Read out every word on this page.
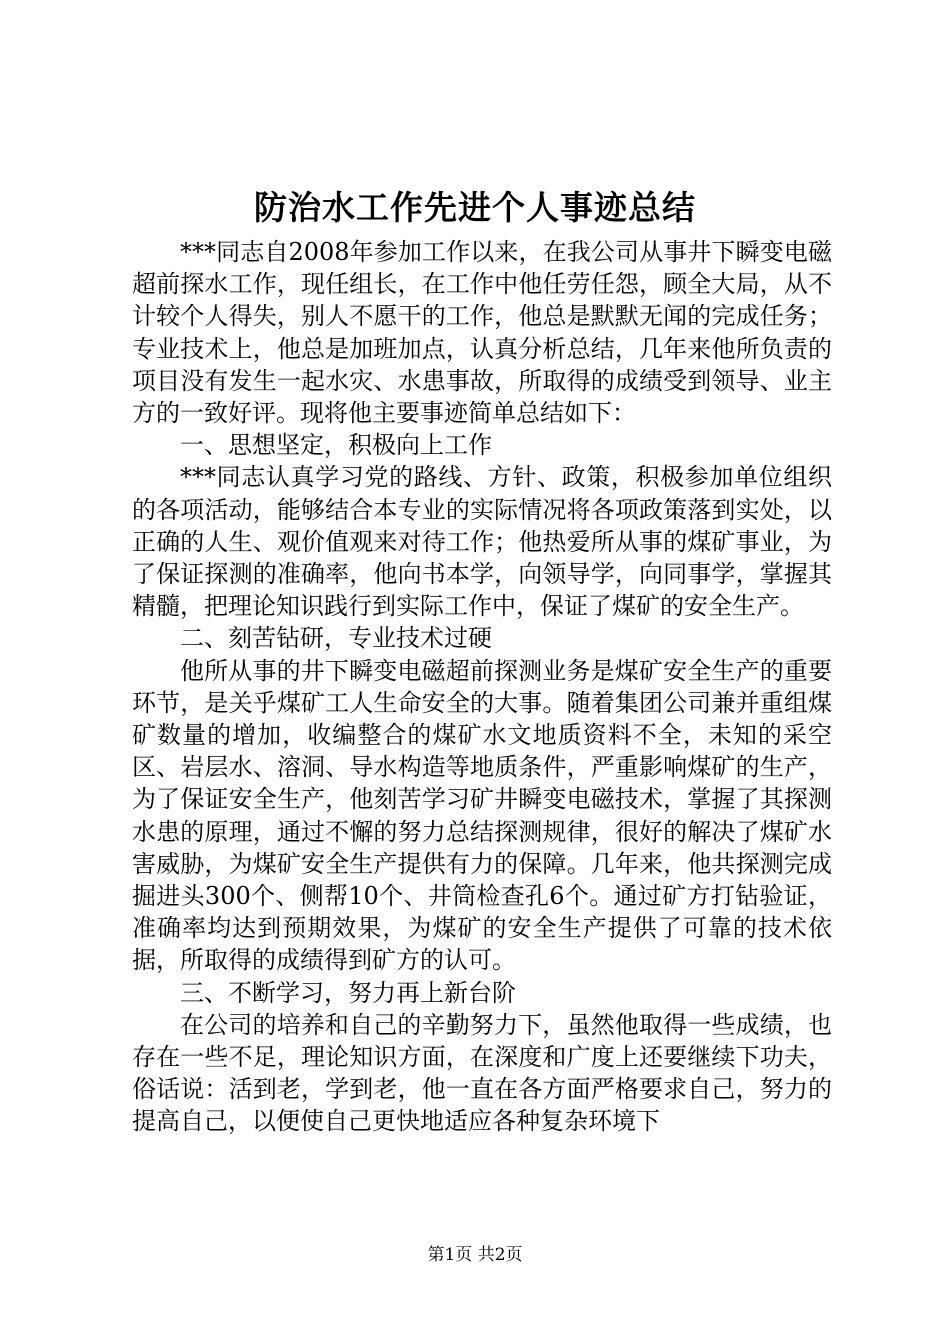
防治水工作先进个人事迹总结

***同志自2008年参加工作以来，在我公司从事井下瞬变电磁超前探水工作，现任组长，在工作中他任劳任怨，顾全大局，从不计较个人得失，别人不愿干的工作，他总是默默无闻的完成任务；专业技术上，他总是加班加点，认真分析总结，几年来他所负责的项目没有发生一起水灾、水患事故，所取得的成绩受到领导、业主方的一致好评。现将他主要事迹简单总结如下：

一、思想坚定，积极向上工作

***同志认真学习党的路线、方针、政策，积极参加单位组织的各项活动，能够结合本专业的实际情况将各项政策落到实处，以正确的人生、观价值观来对待工作；他热爱所从事的煤矿事业，为了保证探测的准确率，他向书本学，向领导学，向同事学，掌握其精髓，把理论知识践行到实际工作中，保证了煤矿的安全生产。

二、刻苦钻研，专业技术过硬

他所从事的井下瞬变电磁超前探测业务是煤矿安全生产的重要环节，是关乎煤矿工人生命安全的大事。随着集团公司兼并重组煤矿数量的增加，收编整合的煤矿水文地质资料不全，未知的采空区、岩层水、溶洞、导水构造等地质条件，严重影响煤矿的生产，为了保证安全生产，他刻苦学习矿井瞬变电磁技术，掌握了其探测水患的原理，通过不懈的努力总结探测规律，很好的解决了煤矿水害威胁，为煤矿安全生产提供有力的保障。几年来，他共探测完成掘进头300个、侧帮10个、井筒检查孔6个。通过矿方打钻验证，准确率均达到预期效果，为煤矿的安全生产提供了可靠的技术依据，所取得的成绩得到矿方的认可。

三、不断学习，努力再上新台阶

在公司的培养和自己的辛勤努力下，虽然他取得一些成绩，也存在一些不足，理论知识方面，在深度和广度上还要继续下功夫，俗话说：活到老，学到老，他一直在各方面严格要求自己，努力的提高自己，以便使自己更快地适应各种复杂环境下

第1页 共2页
